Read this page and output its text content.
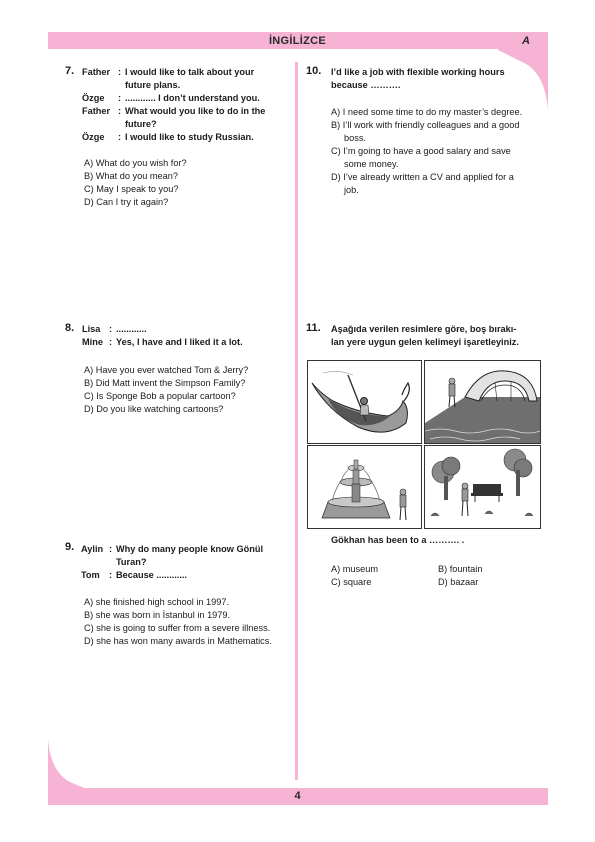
İNGİLİZCE	A
7. Father : I would like to talk about your
future plans.
Özge : ............ I don’t understand you.
Father : What would you like to do in the
future?
Özge : I would like to study Russian.
A) What do you wish for?
B) What do you mean?
C) May I speak to you?
D) Can I try it again?
8. Lisa : ............
Mine : Yes, I have and I liked it a lot.
A) Have you ever watched Tom & Jerry?
B) Did Matt invent the Simpson Family?
C) Is Sponge Bob a popular cartoon?
D) Do you like watching cartoons?
9. Aylin : Why do many people know Gönül
Turan?
Tom : Because ............
A) she finished high school in 1997.
B) she was born in İstanbul in 1979.
C) she is going to suffer from a severe illness.
D) she has won many awards in Mathematics.
10. I’d like a job with flexible working hours
because ……….
A) I need some time to do my master’s degree.
B) I’ll work with friendly colleagues and a good
boss.
C) I’m going to have a good salary and save
some money.
D) I’ve already written a CV and applied for a
job.
11. Aşağıda verilen resimlere göre, boş bırakı-
lan yere uygun gelen kelimeyi işaretleyiniz.
Gökhan has been to a ………. .
A) museum	B) fountain
C) square	D) bazaar
4
